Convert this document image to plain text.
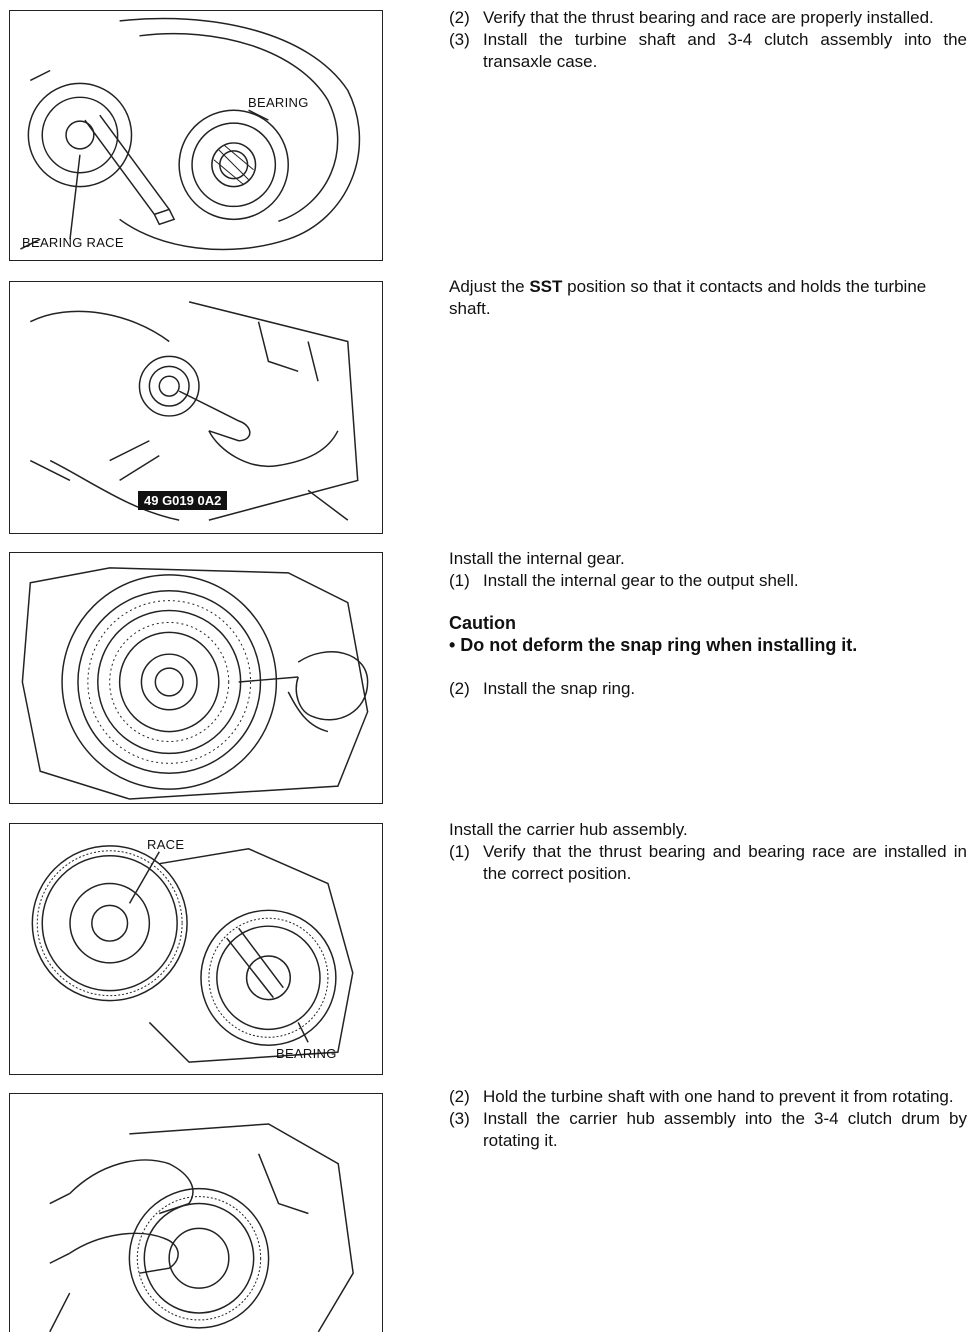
BEARING
BEARING RACE
49 G019 0A2
RACE
BEARING
(2) Verify that the thrust bearing and race are properly installed.
(3) Install the turbine shaft and 3-4 clutch assembly into the transaxle case.

Adjust the SST position so that it contacts and holds the turbine shaft.

Install the internal gear.

(1) Install the internal gear to the output shell.

Caution

• Do not deform the snap ring when installing it.

(2) Install the snap ring.

Install the carrier hub assembly.

(1) Verify that the thrust bearing and bearing race are installed in the correct position.
(2) Hold the turbine shaft with one hand to prevent it from rotating.
(3) Install the carrier hub assembly into the 3-4 clutch drum by rotating it.
